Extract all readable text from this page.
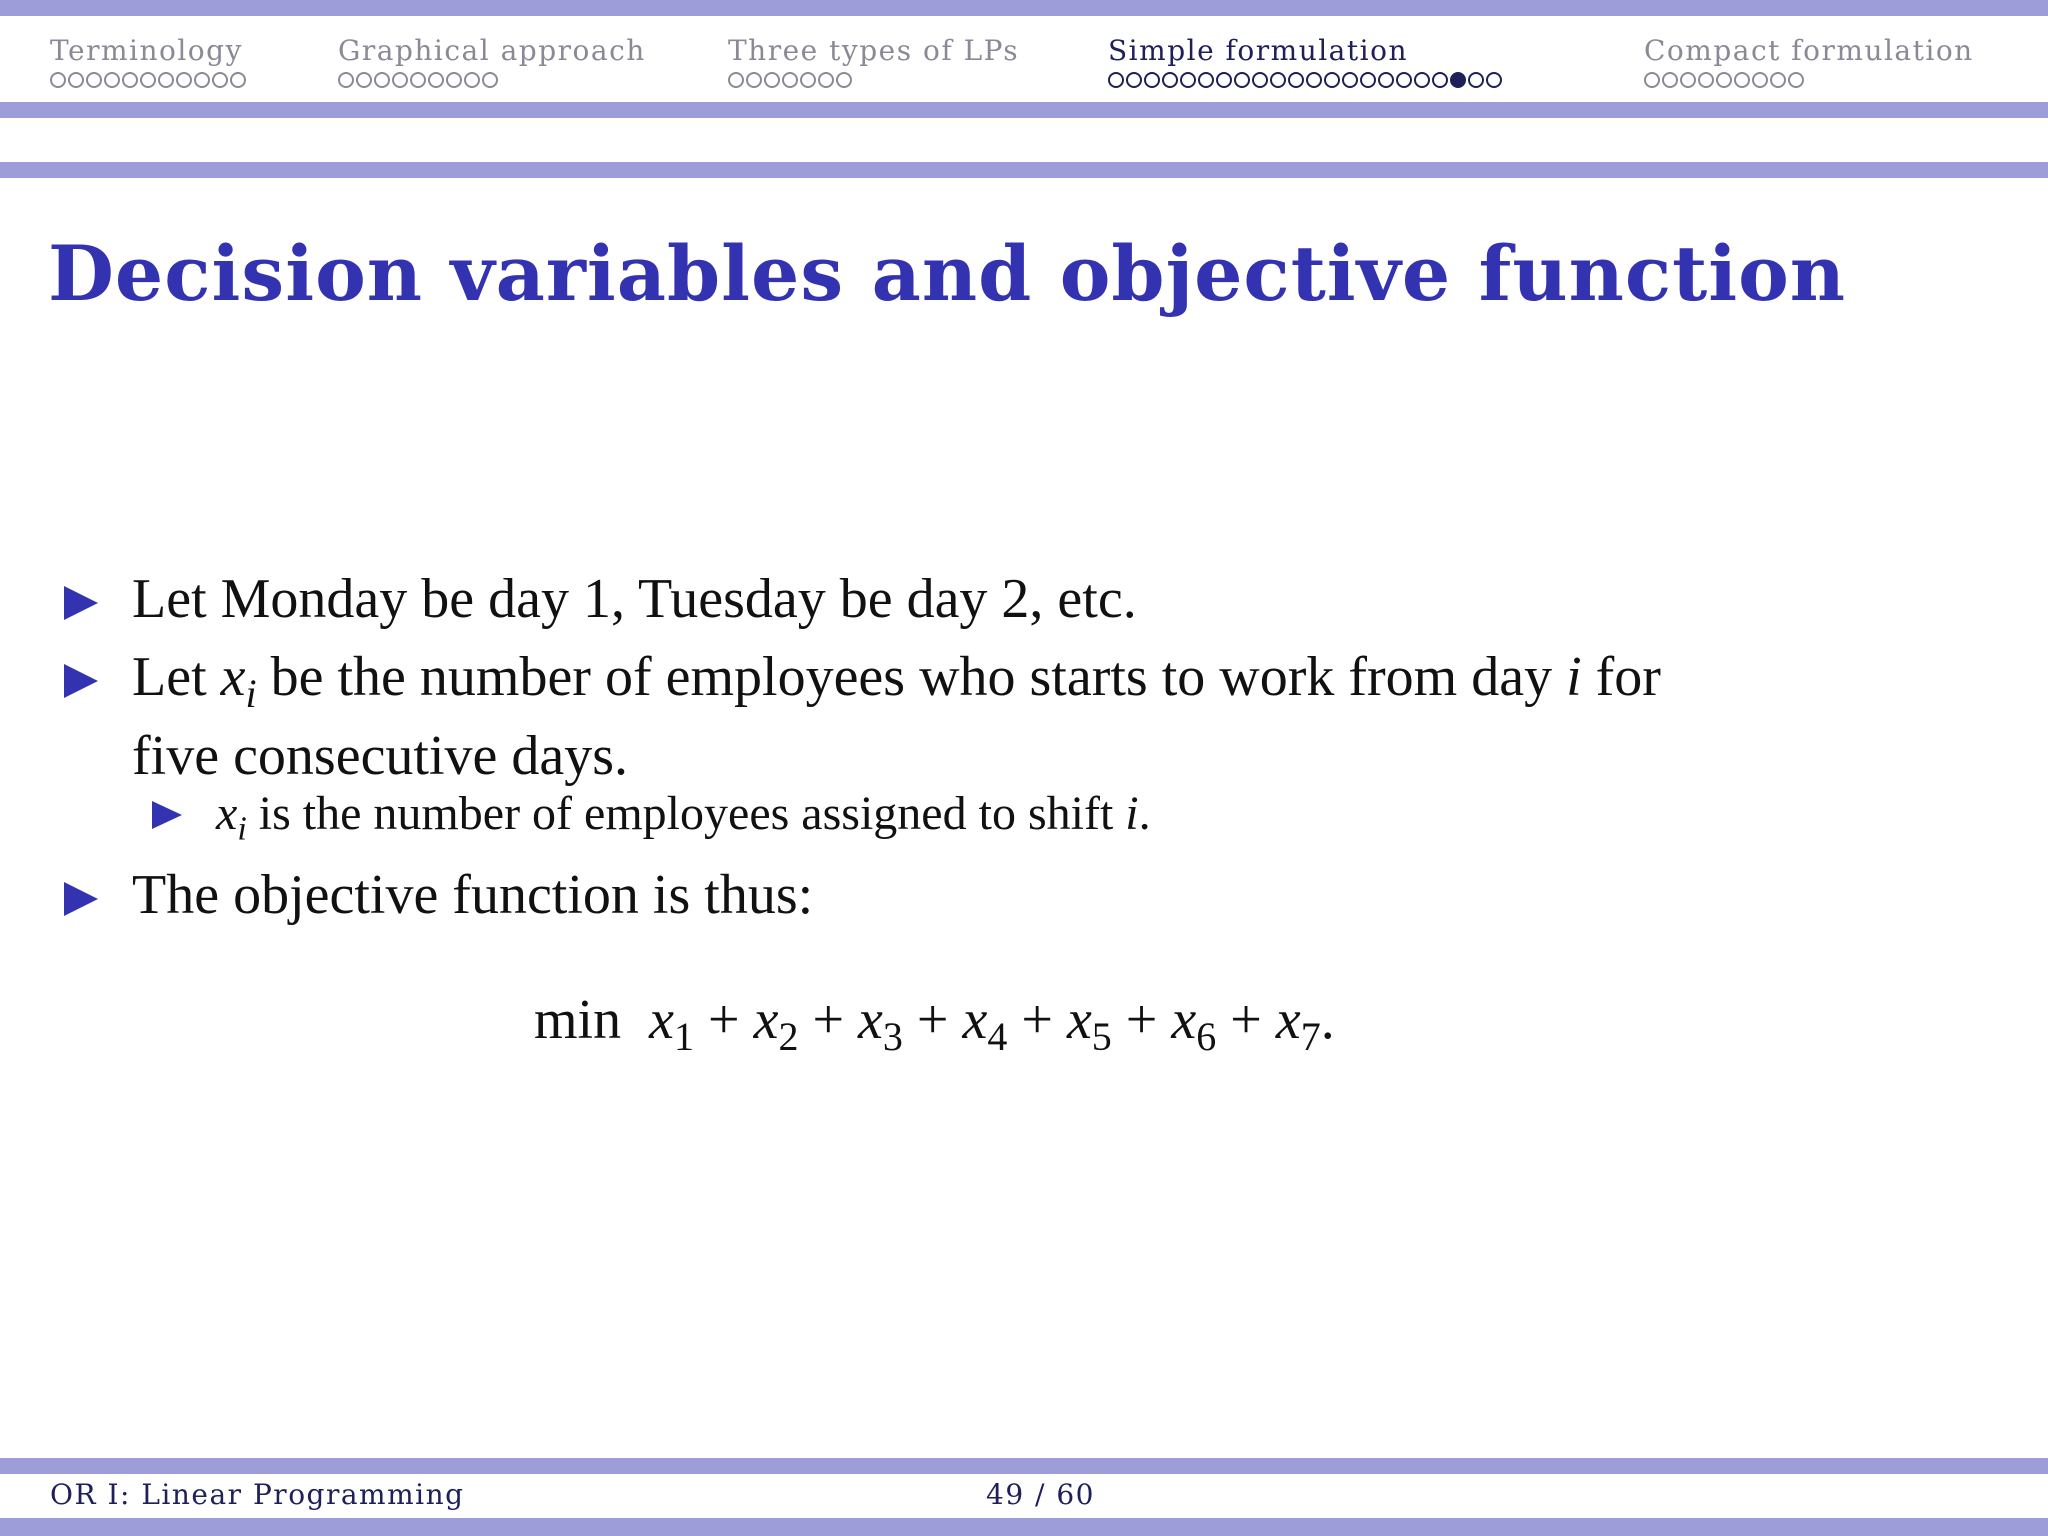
Terminology	Graphical approach	Three types of LPs	Simple formulation	Compact formulation
Decision variables and objective function
Let Monday be day 1, Tuesday be day 2, etc.
Let $x_i$ be the number of employees who starts to work from day i for
five consecutive days.
$x_i$ is the number of employees assigned to shift i.
The objective function is thus:
$\min x_1 + x_2 + x_3 + x_4 + x_5 + x_6 + x_7$.
OR I: Linear Programming	49 / 60
